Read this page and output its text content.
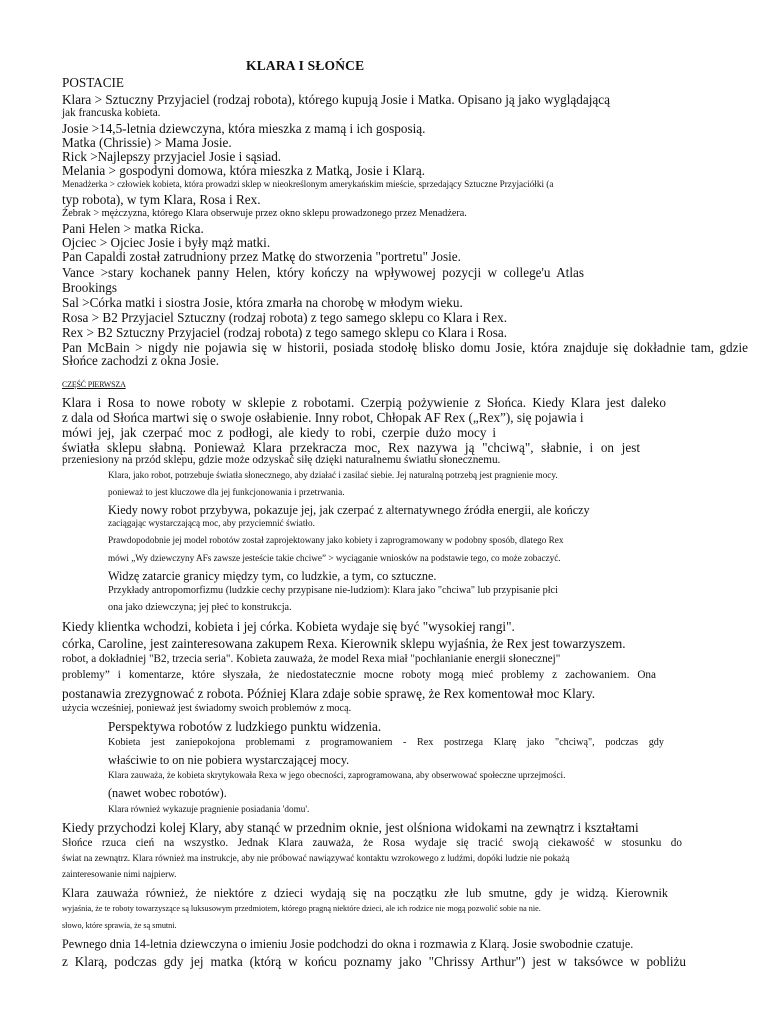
KLARA I SŁOŃCE
POSTACIE
Klara > Sztuczny Przyjaciel (rodzaj robota), którego kupują Josie i Matka. Opisano ją jako wyglądającą
jak francuska kobieta.
Josie >14,5-letnia dziewczyna, która mieszka z mamą i ich gosposią.
Matka (Chrissie) > Mama Josie.
Rick >Najlepszy przyjaciel Josie i sąsiad.
Melania > gospodyni domowa, która mieszka z Matką, Josie i Klarą.
Menadżerka > człowiek kobieta, która prowadzi sklep w nieokreślonym amerykańskim mieście, sprzedający Sztuczne Przyjaciółki (a
typ robota), w tym Klara, Rosa i Rex.
Żebrak > mężczyzna, którego Klara obserwuje przez okno sklepu prowadzonego przez Menadżera.
Pani Helen > matka Ricka.
Ojciec > Ojciec Josie i były mąż matki.
Pan Capaldi został zatrudniony przez Matkę do stworzenia "portretu" Josie.
Vance >stary kochanek panny Helen, który kończy na wpływowej pozycji w college'u Atlas
Brookings
Sal >Córka matki i siostra Josie, która zmarła na chorobę w młodym wieku.
Rosa > B2 Przyjaciel Sztuczny (rodzaj robota) z tego samego sklepu co Klara i Rex.
Rex > B2 Sztuczny Przyjaciel (rodzaj robota) z tego samego sklepu co Klara i Rosa.
Pan McBain > nigdy nie pojawia się w historii, posiada stodołę blisko domu Josie, która znajduje się dokładnie tam, gdzie
Słońce zachodzi z okna Josie.
CZĘŚĆ PIERWSZA
Klara i Rosa to nowe roboty w sklepie z robotami. Czerpią pożywienie z Słońca. Kiedy Klara jest daleko
z dala od Słońca martwi się o swoje osłabienie. Inny robot, Chłopak AF Rex („Rex”), się pojawia i
mówi jej, jak czerpać moc z podłogi, ale kiedy to robi, czerpie dużo mocy i
światła sklepu słabną. Ponieważ Klara przekracza moc, Rex nazywa ją "chciwą", słabnie, i on jest
przeniesiony na przód sklepu, gdzie może odzyskać siłę dzięki naturalnemu światłu słonecznemu.
Klara, jako robot, potrzebuje światła słonecznego, aby działać i zasilać siebie. Jej naturalną potrzebą jest pragnienie mocy.
ponieważ to jest kluczowe dla jej funkcjonowania i przetrwania.
Kiedy nowy robot przybywa, pokazuje jej, jak czerpać z alternatywnego źródła energii, ale kończy
zaciągając wystarczającą moc, aby przyciemnić światło.
Prawdopodobnie jej model robotów został zaprojektowany jako kobiety i zaprogramowany w podobny sposób, dlatego Rex
mówi „Wy dziewczyny AFs zawsze jesteście takie chciwe” > wyciąganie wniosków na podstawie tego, co może zobaczyć.
Widzę zatarcie granicy między tym, co ludzkie, a tym, co sztuczne.
Przykłady antropomorfizmu (ludzkie cechy przypisane nie-ludziom): Klara jako "chciwa" lub przypisanie płci
ona jako dziewczyna; jej płeć to konstrukcja.
Kiedy klientka wchodzi, kobieta i jej córka. Kobieta wydaje się być "wysokiej rangi".
córka, Caroline, jest zainteresowana zakupem Rexa. Kierownik sklepu wyjaśnia, że Rex jest towarzyszem.
robot, a dokładniej "B2, trzecia seria". Kobieta zauważa, że model Rexa miał "pochłanianie energii słonecznej"
problemy” i komentarze, które słyszała, że niedostatecznie mocne roboty mogą mieć problemy z zachowaniem. Ona
postanawia zrezygnować z robota. Później Klara zdaje sobie sprawę, że Rex komentował moc Klary.
użycia wcześniej, ponieważ jest świadomy swoich problemów z mocą.
Perspektywa robotów z ludzkiego punktu widzenia.
Kobieta jest zaniepokojona problemami z programowaniem - Rex postrzega Klarę jako "chciwą", podczas gdy
właściwie to on nie pobiera wystarczającej mocy.
Klara zauważa, że kobieta skrytykowała Rexa w jego obecności, zaprogramowana, aby obserwować społeczne uprzejmości.
(nawet wobec robotów).
Klara również wykazuje pragnienie posiadania 'domu'.
Kiedy przychodzi kolej Klary, aby stanąć w przednim oknie, jest olśniona widokami na zewnątrz i kształtami
Słońce rzuca cień na wszystko. Jednak Klara zauważa, że Rosa wydaje się tracić swoją ciekawość w stosunku do
świat na zewnątrz. Klara również ma instrukcje, aby nie próbować nawiązywać kontaktu wzrokowego z ludźmi, dopóki ludzie nie pokażą
zainteresowanie nimi najpierw.
Klara zauważa również, że niektóre z dzieci wydają się na początku złe lub smutne, gdy je widzą. Kierownik
wyjaśnia, że te roboty towarzyszące są luksusowym przedmiotem, którego pragną niektóre dzieci, ale ich rodzice nie mogą pozwolić sobie na nie.
słowo, które sprawia, że są smutni.
Pewnego dnia 14-letnia dziewczyna o imieniu Josie podchodzi do okna i rozmawia z Klarą. Josie swobodnie czatuje.
z Klarą, podczas gdy jej matka (którą w końcu poznamy jako "Chrissy Arthur") jest w taksówce w pobliżu
